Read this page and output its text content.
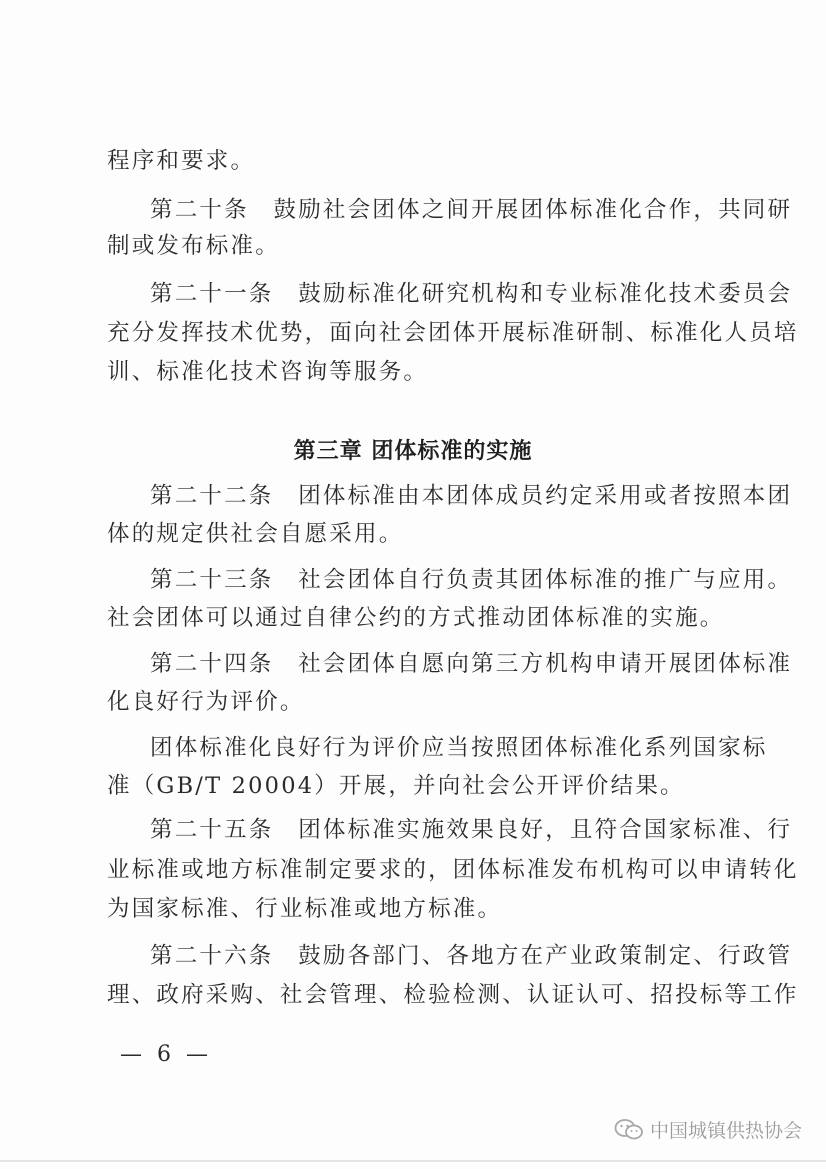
程序和要求。
第二十条　鼓励社会团体之间开展团体标准化合作，共同研
制或发布标准。
第二十一条　鼓励标准化研究机构和专业标准化技术委员会
充分发挥技术优势，面向社会团体开展标准研制、标准化人员培
训、标准化技术咨询等服务。
第三章 团体标准的实施
第二十二条　团体标准由本团体成员约定采用或者按照本团
体的规定供社会自愿采用。
第二十三条　社会团体自行负责其团体标准的推广与应用。
社会团体可以通过自律公约的方式推动团体标准的实施。
第二十四条　社会团体自愿向第三方机构申请开展团体标准
化良好行为评价。
团体标准化良好行为评价应当按照团体标准化系列国家标
准（GB/T 20004）开展，并向社会公开评价结果。
第二十五条　团体标准实施效果良好，且符合国家标准、行
业标准或地方标准制定要求的，团体标准发布机构可以申请转化
为国家标准、行业标准或地方标准。
第二十六条　鼓励各部门、各地方在产业政策制定、行政管
理、政府采购、社会管理、检验检测、认证认可、招投标等工作
— 6 —
中国城镇供热协会
